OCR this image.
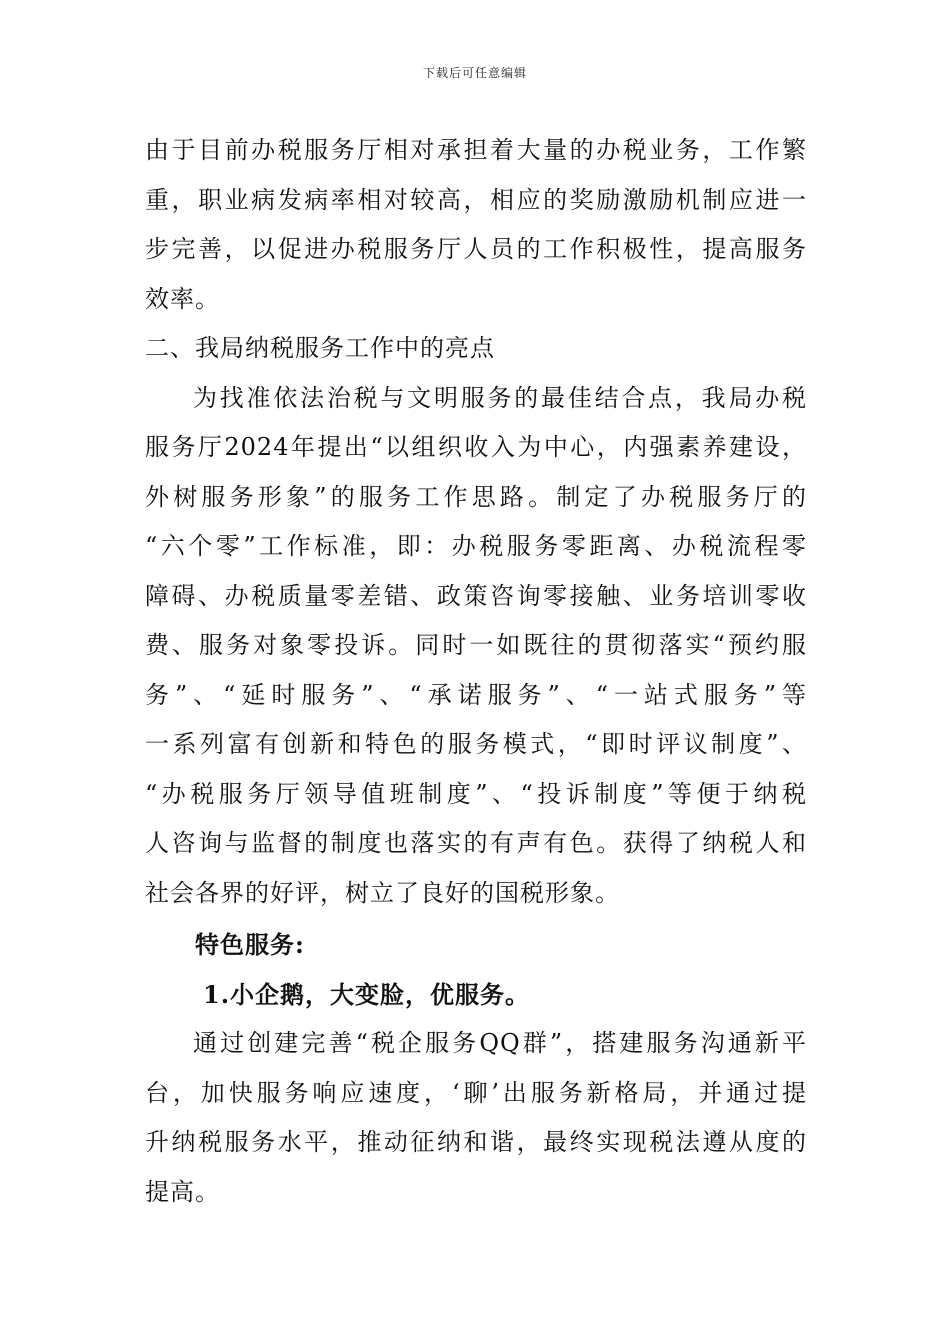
下载后可任意编辑
由于目前办税服务厅相对承担着大量的办税业务，工作繁
重，职业病发病率相对较高，相应的奖励激励机制应进一
步完善，以促进办税服务厅人员的工作积极性，提高服务
效率。
二、我局纳税服务工作中的亮点
为找准依法治税与文明服务的最佳结合点，我局办税
服务厅2024年提出“以组织收入为中心，内强素养建设，
外树服务形象”的服务工作思路。制定了办税服务厅的
“六个零”工作标准，即：办税服务零距离、办税流程零
障碍、办税质量零差错、政策咨询零接触、业务培训零收
费、服务对象零投诉。同时一如既往的贯彻落实“预约服
务”、“延时服务”、“承诺服务”、“一站式服务”等
一系列富有创新和特色的服务模式，“即时评议制度”、
“办税服务厅领导值班制度”、“投诉制度”等便于纳税
人咨询与监督的制度也落实的有声有色。获得了纳税人和
社会各界的好评，树立了良好的国税形象。
特色服务:
1.小企鹅，大变脸，优服务。
通过创建完善“税企服务QQ群”，搭建服务沟通新平
台，加快服务响应速度，‘聊’出服务新格局，并通过提
升纳税服务水平，推动征纳和谐，最终实现税法遵从度的
提高。
